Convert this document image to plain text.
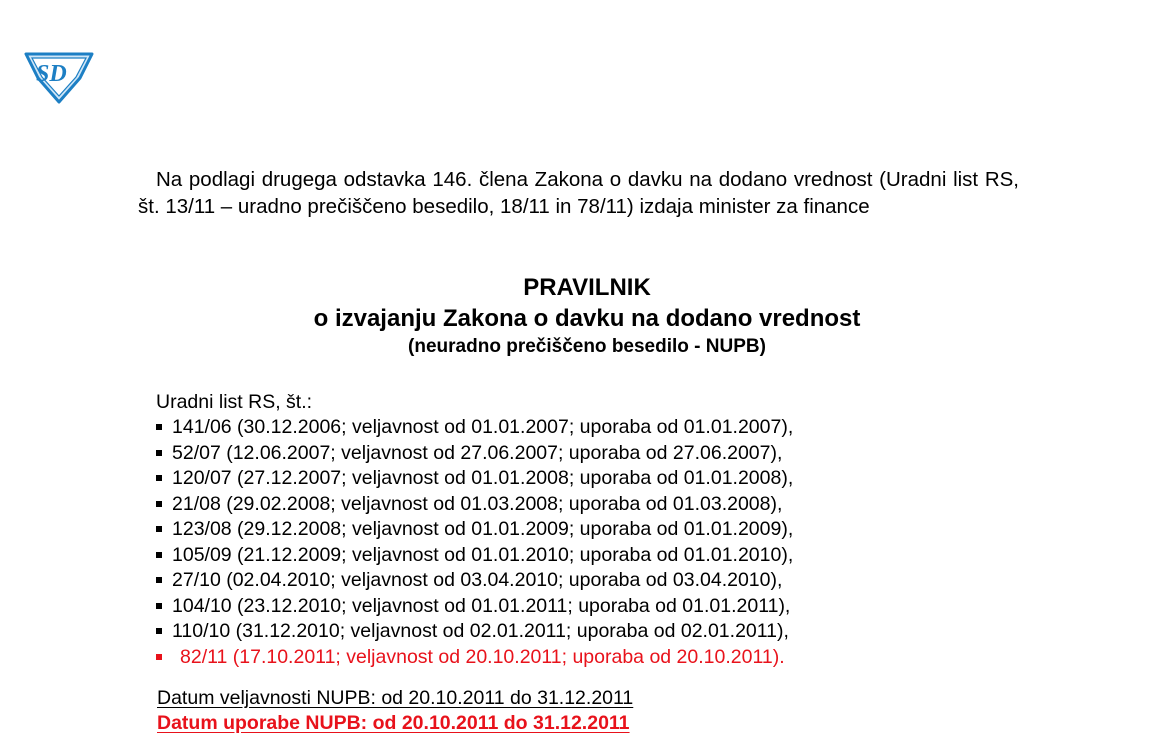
SD

Na podlagi drugega odstavka 146. člena Zakona o davku na dodano vrednost (Uradni list RS, št. 13/11 – uradno prečiščeno besedilo, 18/11 in 78/11) izdaja minister za finance

PRAVILNIK

o izvajanju Zakona o davku na dodano vrednost

(neuradno prečiščeno besedilo - NUPB)

Uradni list RS, št.:

141/06 (30.12.2006; veljavnost od 01.01.2007; uporaba od 01.01.2007),
52/07 (12.06.2007; veljavnost od 27.06.2007; uporaba od 27.06.2007),
120/07 (27.12.2007; veljavnost od 01.01.2008; uporaba od 01.01.2008),
21/08 (29.02.2008; veljavnost od 01.03.2008; uporaba od 01.03.2008),
123/08 (29.12.2008; veljavnost od 01.01.2009; uporaba od 01.01.2009),
105/09 (21.12.2009; veljavnost od 01.01.2010; uporaba od 01.01.2010),
27/10 (02.04.2010; veljavnost od 03.04.2010; uporaba od 03.04.2010),
104/10 (23.12.2010; veljavnost od 01.01.2011; uporaba od 01.01.2011),
110/10 (31.12.2010; veljavnost od 02.01.2011; uporaba od 02.01.2011),
82/11 (17.10.2011; veljavnost od 20.10.2011; uporaba od 20.10.2011).
Datum veljavnosti NUPB: od 20.10.2011 do 31.12.2011
Datum uporabe NUPB: od 20.10.2011 do 31.12.2011
